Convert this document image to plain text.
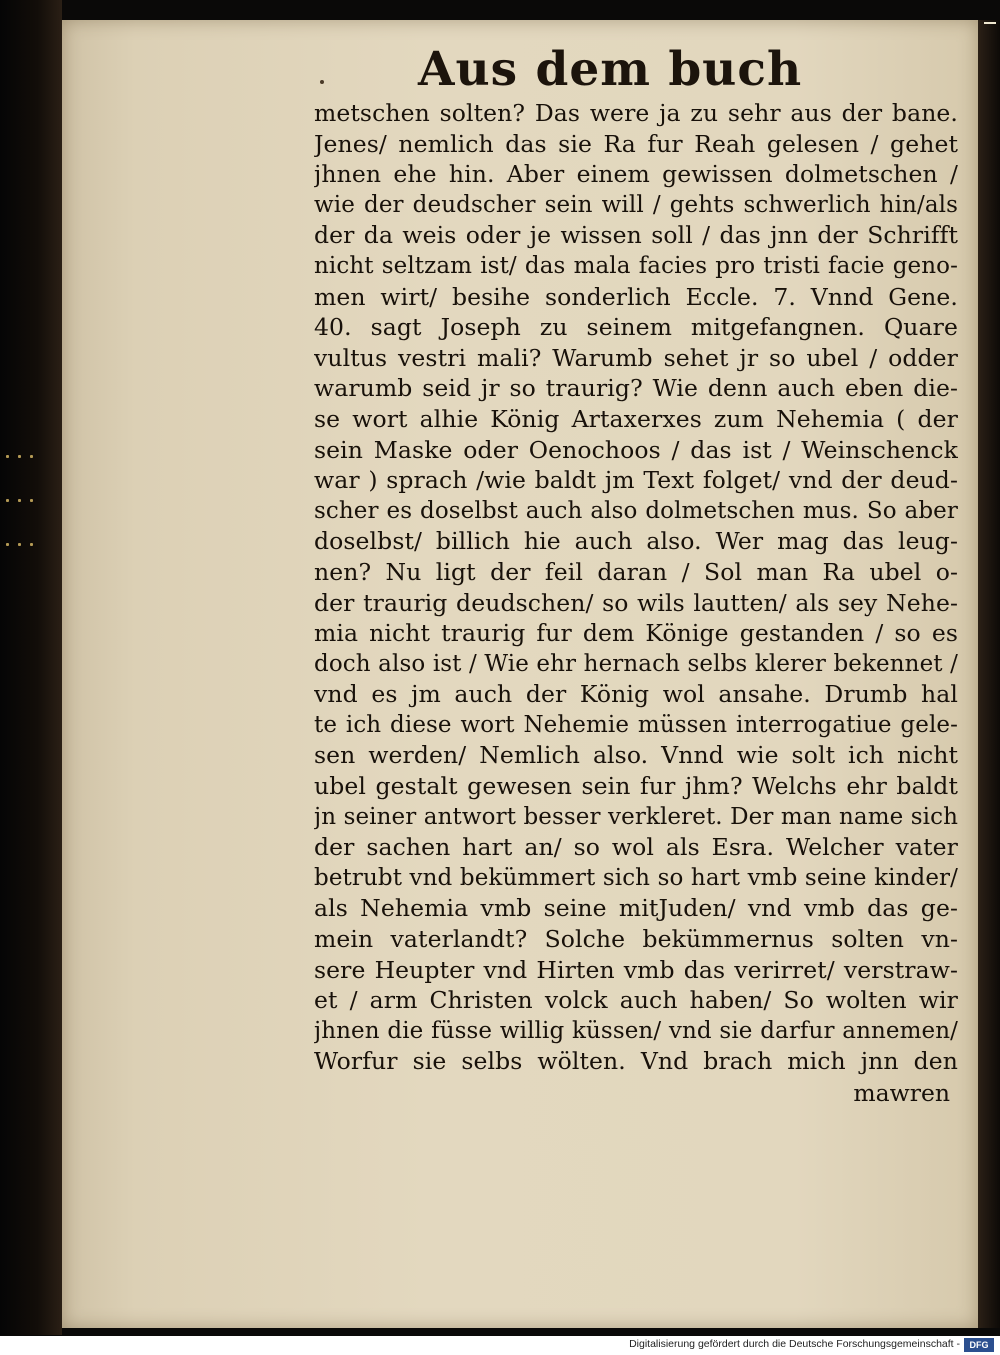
Aus dem buch
metschen solten? Das were ja zu sehr aus der bane.
Jenes/ nemlich das sie Ra fur Reah gelesen / gehet
jhnen ehe hin. Aber einem gewissen dolmetschen /
wie der deudscher sein will / gehts schwerlich hin/als
der da weis oder je wissen soll / das jnn der Schrifft
nicht seltzam ist/ das mala facies pro tristi facie geno-
men wirt/ besihe sonderlich Eccle. 7. Vnnd Gene.
40. sagt Joseph zu seinem mitgefangnen. Quare
vultus vestri mali? Warumb sehet jr so ubel / odder
warumb seid jr so traurig? Wie denn auch eben die-
se wort alhie König Artaxerxes zum Nehemia ( der
sein Maske oder Oenochoos / das ist / Weinschenck
war ) sprach /wie baldt jm Text folget/ vnd der deud-
scher es doselbst auch also dolmetschen mus. So aber
doselbst/ billich hie auch also. Wer mag das leug-
nen? Nu ligt der feil daran / Sol man Ra ubel o-
der traurig deudschen/ so wils lautten/ als sey Nehe-
mia nicht traurig fur dem Könige gestanden / so es
doch also ist / Wie ehr hernach selbs klerer bekennet /
vnd es jm auch der König wol ansahe. Drumb hal
te ich diese wort Nehemie müssen interrogatiue gele-
sen werden/ Nemlich also. Vnnd wie solt ich nicht
ubel gestalt gewesen sein fur jhm? Welchs ehr baldt
jn seiner antwort besser verkleret. Der man name sich
der sachen hart an/ so wol als Esra. Welcher vater
betrubt vnd bekümmert sich so hart vmb seine kinder/
als Nehemia vmb seine mitJuden/ vnd vmb das ge-
mein vaterlandt? Solche bekümmernus solten vn-
sere Heupter vnd Hirten vmb das verirret/ verstraw-
et / arm Christen volck auch haben/ So wolten wir
jhnen die füsse willig küssen/ vnd sie darfur annemen/
Worfur sie selbs wölten. Vnd brach mich jnn den
mawren
Digitalisierung gefördert durch die Deutsche Forschungsgemeinschaft -	DFG
